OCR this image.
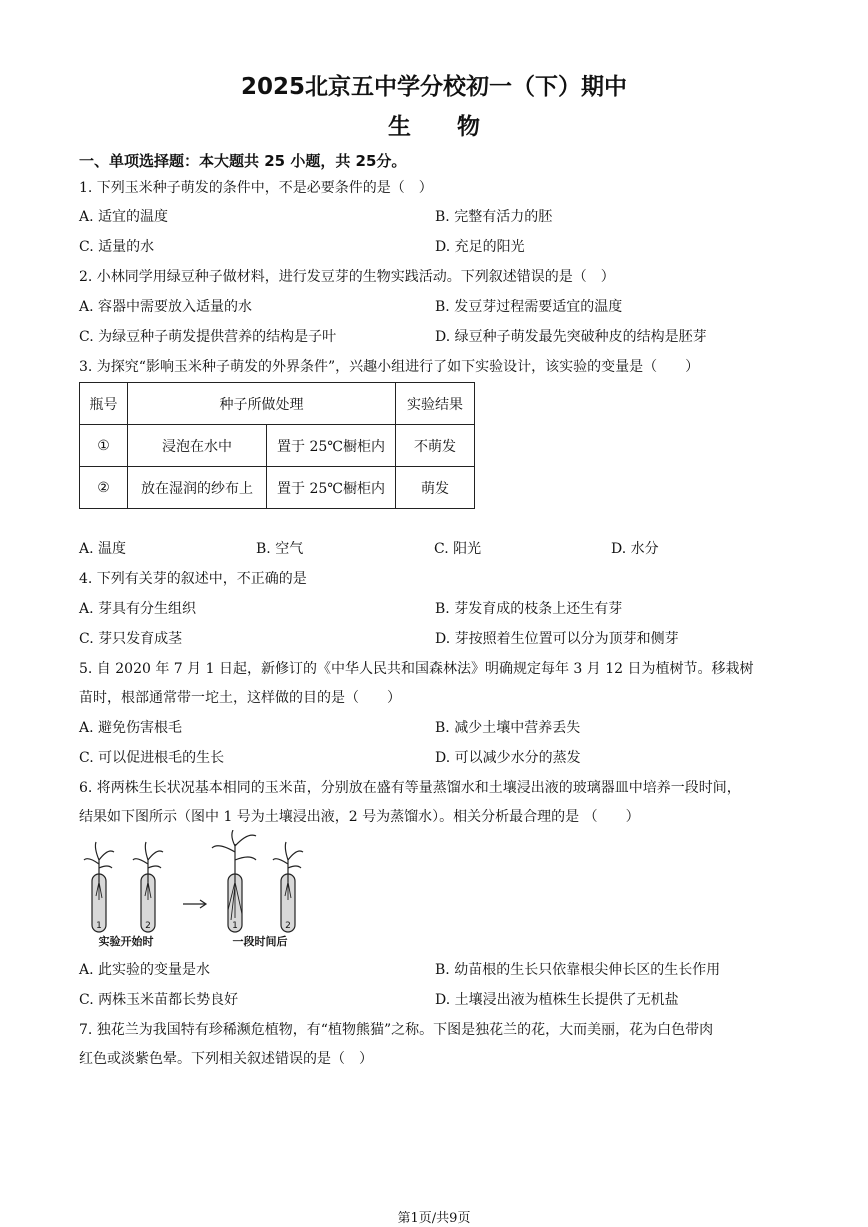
2025北京五中学分校初一（下）期中
生　　物
一、单项选择题：本大题共 25 小题，共 25分。
1. 下列玉米种子萌发的条件中，不是必要条件的是（　）
A. 适宜的温度	B. 完整有活力的胚
C. 适量的水	D. 充足的阳光
2. 小林同学用绿豆种子做材料，进行发豆芽的生物实践活动。下列叙述错误的是（　）
A. 容器中需要放入适量的水	B. 发豆芽过程需要适宜的温度
C. 为绿豆种子萌发提供营养的结构是子叶	D. 绿豆种子萌发最先突破种皮的结构是胚芽
3. 为探究“影响玉米种子萌发的外界条件”，兴趣小组进行了如下实验设计，该实验的变量是（　　）
瓶号	种子所做处理		实验结果
①	浸泡在水中	置于 25℃橱柜内	不萌发
②	放在湿润的纱布上	置于 25℃橱柜内	萌发
A. 温度	B. 空气	C. 阳光	D. 水分
4. 下列有关芽的叙述中，不正确的是
A. 芽具有分生组织	B. 芽发育成的枝条上还生有芽
C. 芽只发育成茎	D. 芽按照着生位置可以分为顶芽和侧芽
5. 自 2020 年 7 月 1 日起，新修订的《中华人民共和国森林法》明确规定每年 3 月 12 日为植树节。移栽树
苗时，根部通常带一坨土，这样做的目的是（　　）
A. 避免伤害根毛	B. 减少土壤中营养丢失
C. 可以促进根毛的生长	D. 可以减少水分的蒸发
6. 将两株生长状况基本相同的玉米苗，分别放在盛有等量蒸馏水和土壤浸出液的玻璃器皿中培养一段时间，
结果如下图所示（图中 1 号为土壤浸出液，2 号为蒸馏水）。相关分析最合理的是 （　　）
1	2	1	2
实验开始时	一段时间后
A. 此实验的变量是水	B. 幼苗根的生长只依靠根尖伸长区的生长作用
C. 两株玉米苗都长势良好	D. 土壤浸出液为植株生长提供了无机盐
7. 独花兰为我国特有珍稀濒危植物，有“植物熊猫”之称。下图是独花兰的花，大而美丽，花为白色带肉
红色或淡紫色晕。下列相关叙述错误的是（　）
第1页/共9页
